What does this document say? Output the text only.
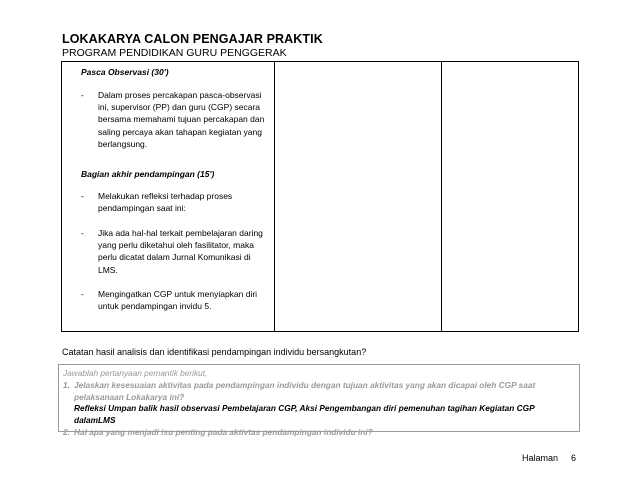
LOKAKARYA CALON PENGAJAR PRAKTIK
PROGRAM PENDIDIKAN GURU PENGGERAK
Pasca Observasi (30')
-	Dalam proses percakapan pasca-observasi ini, supervisor (PP) dan guru (CGP) secara bersama memahami tujuan percakapan dan saling percaya akan tahapan kegiatan yang berlangsung.
Bagian akhir pendampingan (15')
-	Melakukan refleksi terhadap proses pendampingan saat ini:
-	Jika ada hal-hal terkait pembelajaran daring yang perlu diketahui oleh fasilitator, maka perlu dicatat dalam Jurnal Komunikasi di LMS.
-	Mengingatkan CGP untuk menyiapkan diri untuk pendampingan invidu 5.
Catatan hasil analisis dan identifikasi pendampingan individu bersangkutan?
Jawablah pertanyaan pemantik berikut,
1. Jelaskan kesesuaian aktivitas pada pendampingan individu dengan tujuan aktivitas yang akan dicapai oleh CGP saat pelaksanaan Lokakarya ini?
Refleksi Umpan balik hasil observasi Pembelajaran CGP, Aksi Pengembangan diri pemenuhan tagihan Kegiatan CGP dalamLMS
2. Hal apa yang menjadi isu penting pada aktivtas pendampingan individu ini?
Halaman 6
